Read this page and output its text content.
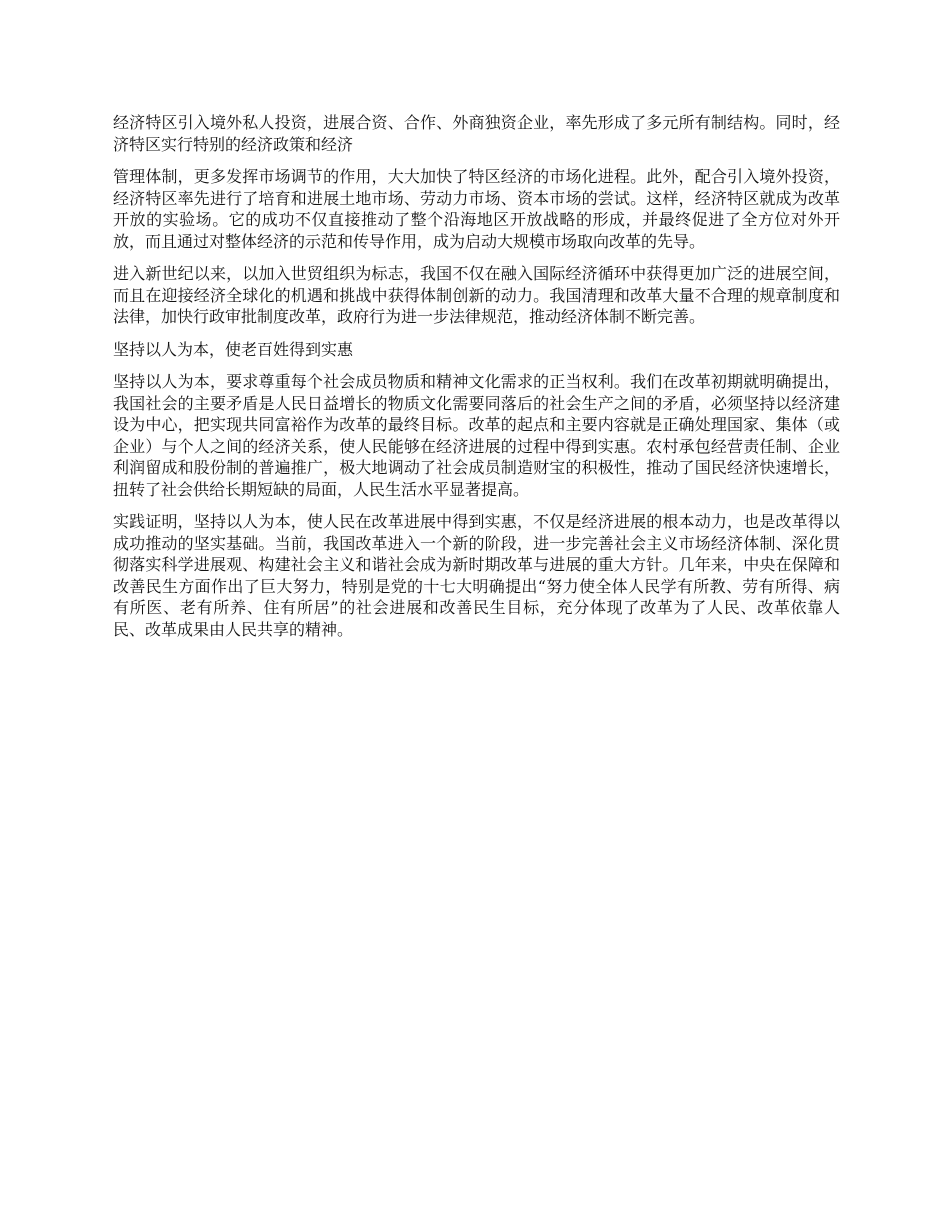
经济特区引入境外私人投资，进展合资、合作、外商独资企业，率先形成了多元所有制结构。同时，经济特区实行特别的经济政策和经济

管理体制，更多发挥市场调节的作用，大大加快了特区经济的市场化进程。此外，配合引入境外投资，经济特区率先进行了培育和进展土地市场、劳动力市场、资本市场的尝试。这样，经济特区就成为改革开放的实验场。它的成功不仅直接推动了整个沿海地区开放战略的形成，并最终促进了全方位对外开放，而且通过对整体经济的示范和传导作用，成为启动大规模市场取向改革的先导。

进入新世纪以来，以加入世贸组织为标志，我国不仅在融入国际经济循环中获得更加广泛的进展空间，而且在迎接经济全球化的机遇和挑战中获得体制创新的动力。我国清理和改革大量不合理的规章制度和法律，加快行政审批制度改革，政府行为进一步法律规范，推动经济体制不断完善。

坚持以人为本，使老百姓得到实惠

坚持以人为本，要求尊重每个社会成员物质和精神文化需求的正当权利。我们在改革初期就明确提出，我国社会的主要矛盾是人民日益增长的物质文化需要同落后的社会生产之间的矛盾，必须坚持以经济建设为中心，把实现共同富裕作为改革的最终目标。改革的起点和主要内容就是正确处理国家、集体（或企业）与个人之间的经济关系，使人民能够在经济进展的过程中得到实惠。农村承包经营责任制、企业利润留成和股份制的普遍推广，极大地调动了社会成员制造财宝的积极性，推动了国民经济快速增长，扭转了社会供给长期短缺的局面，人民生活水平显著提高。

实践证明，坚持以人为本，使人民在改革进展中得到实惠，不仅是经济进展的根本动力，也是改革得以成功推动的坚实基础。当前，我国改革进入一个新的阶段，进一步完善社会主义市场经济体制、深化贯彻落实科学进展观、构建社会主义和谐社会成为新时期改革与进展的重大方针。几年来，中央在保障和改善民生方面作出了巨大努力，特别是党的十七大明确提出“努力使全体人民学有所教、劳有所得、病有所医、老有所养、住有所居”的社会进展和改善民生目标，充分体现了改革为了人民、改革依靠人民、改革成果由人民共享的精神。
